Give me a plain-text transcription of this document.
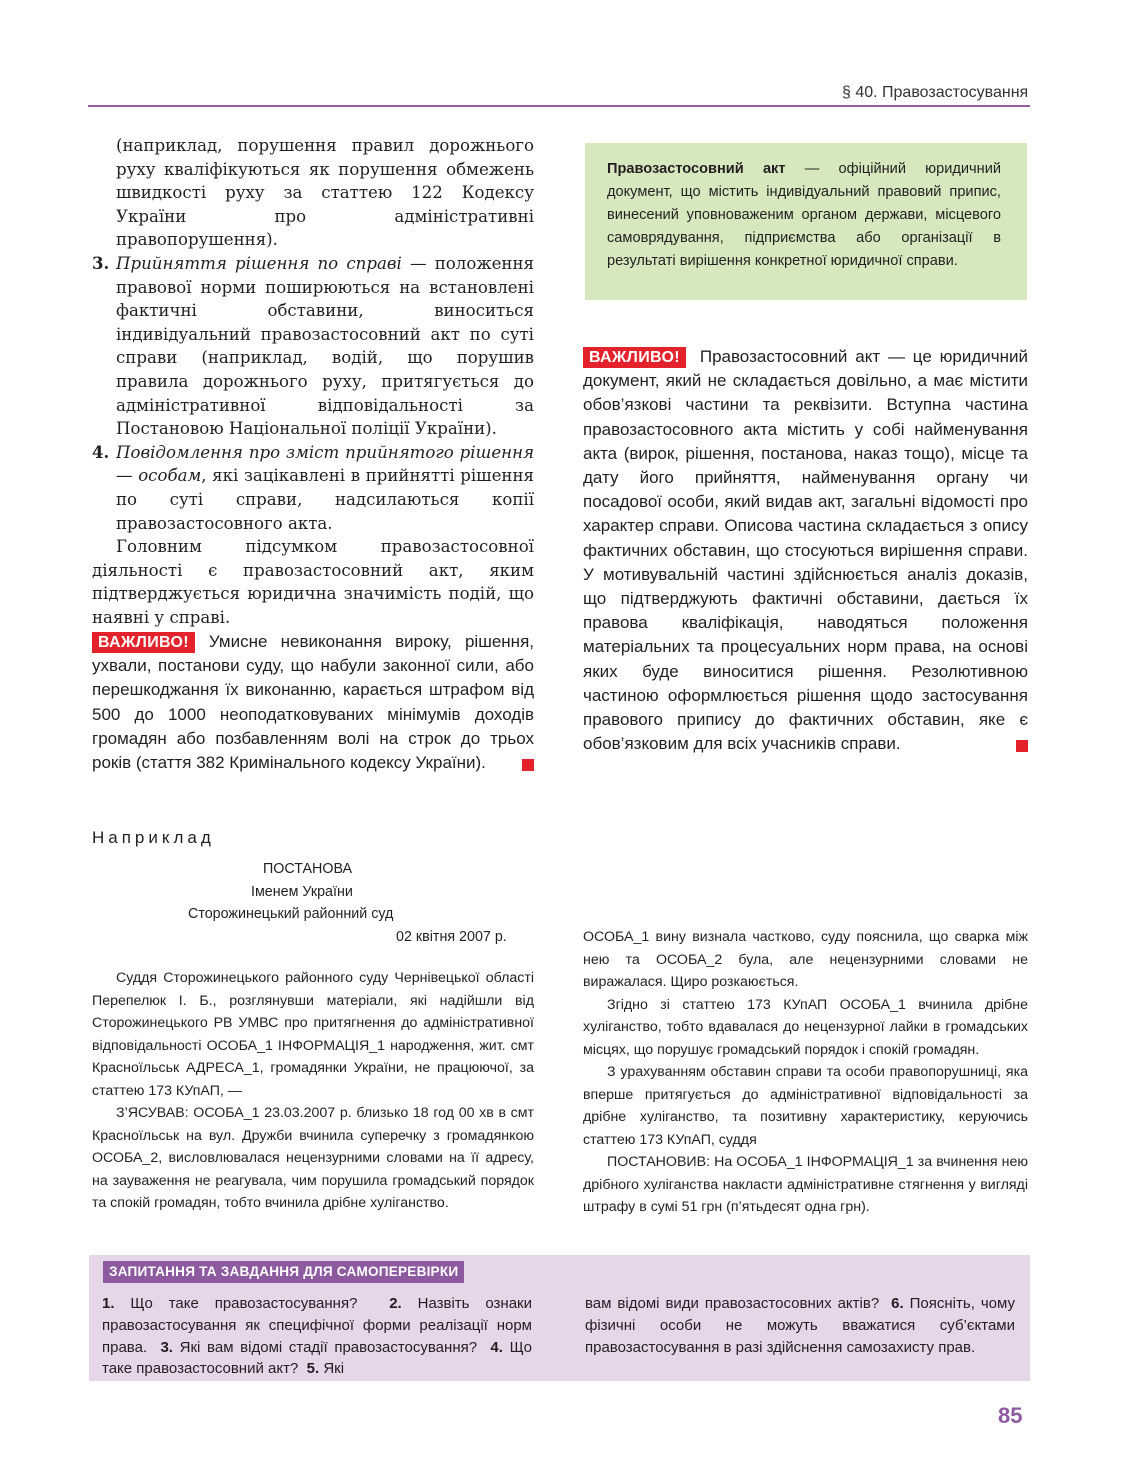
§ 40. Правозастосування

(наприклад, порушення правил дорожнього руху кваліфікуються як порушення обмежень швидкості руху за статтею 122 Кодексу України про адміністративні правопорушення).

3. Прийняття рішення по справі — положення правової норми поширюються на встановлені фактичні обставини, виноситься індивідуальний правозастосовний акт по суті справи (наприклад, водій, що порушив правила дорожнього руху, притягується до адміністративної відповідальності за Постановою Національної поліції України).

4. Повідомлення про зміст прийнятого рішення — особам, які зацікавлені в прийнятті рішення по суті справи, надсилаються копії правозастосовного акта.

Головним підсумком правозастосовної діяльності є правозастосовний акт, яким підтверджується юридична значимість подій, що наявні у справі.

ВАЖЛИВО! Умисне невиконання вироку, рішення, ухвали, постанови суду, що набули законної сили, або перешкоджання їх виконанню, карається штрафом від 500 до 1000 неоподатковуваних мінімумів доходів громадян або позбавленням волі на строк до трьох років (стаття 382 Кримінального кодексу України).

Правозастосовний акт — офіційний юридичний документ, що містить індивідуальний правовий припис, винесений уповноваженим органом держави, місцевого самоврядування, підприємства або організації в результаті вирішення конкретної юридичної справи.

ВАЖЛИВО! Правозастосовний акт — це юридичний документ, який не складається довільно, а має містити обов’язкові частини та реквізити. Вступна частина правозастосовного акта містить у собі найменування акта (вирок, рішення, постанова, наказ тощо), місце та дату його прийняття, найменування органу чи посадової особи, який видав акт, загальні відомості про характер справи. Описова частина складається з опису фактичних обставин, що стосуються вирішення справи. У мотивувальній частині здійснюється аналіз доказів, що підтверджують фактичні обставини, дається їх правова кваліфікація, наводяться положення матеріальних та процесуальних норм права, на основі яких буде виноситися рішення. Резолютивною частиною оформлюється рішення щодо застосування правового припису до фактичних обставин, яке є обов’язковим для всіх учасників справи.

Наприклад
ПОСТАНОВА
Іменем України
Сторожинецький районний суд
02 квітня 2007 р.

Суддя Сторожинецького районного суду Чернівецької області Перепелюк І. Б., розглянувши матеріали, які надійшли від Сторожинецького РВ УМВС про притягнення до адміністративної відповідальності ОСОБА_1 ІНФОРМАЦІЯ_1 народження, жит. смт Красноїльськ АДРЕСА_1, громадянки України, не працюючої, за статтею 173 КУпАП, —

З’ЯСУВАВ: ОСОБА_1 23.03.2007 р. близько 18 год 00 хв в смт Красноїльськ на вул. Дружби вчинила суперечку з громадянкою ОСОБА_2, висловлювалася нецензурними словами на її адресу, на зауваження не реагувала, чим порушила громадський порядок та спокій громадян, тобто вчинила дрібне хуліганство.

ОСОБА_1 вину визнала частково, суду пояснила, що сварка між нею та ОСОБА_2 була, але нецензурними словами не виражалася. Щиро розкаюється.

Згідно зі статтею 173 КУпАП ОСОБА_1 вчинила дрібне хуліганство, тобто вдавалася до нецензурної лайки в громадських місцях, що порушує громадський порядок і спокій громадян.

З урахуванням обставин справи та особи правопорушниці, яка вперше притягується до адміністративної відповідальності за дрібне хуліганство, та позитивну характеристику, керуючись статтею 173 КУпАП, суддя

ПОСТАНОВИВ: На ОСОБА_1 ІНФОРМАЦІЯ_1 за вчинення нею дрібного хуліганства накласти адміністративне стягнення у вигляді штрафу в сумі 51 грн (п’ятьдесят одна грн).

ЗАПИТАННЯ ТА ЗАВДАННЯ ДЛЯ САМОПЕРЕВІРКИ
1. Що таке правозастосування? 2. Назвіть ознаки правозастосування як специфічної форми реалізації норм права. 3. Які вам відомі стадії правозастосування? 4. Що таке правозастосовний акт? 5. Які
вам відомі види правозастосовних актів? 6. Поясніть, чому фізичні особи не можуть вважатися суб’єктами правозастосування в разі здійснення самозахисту прав.
85
